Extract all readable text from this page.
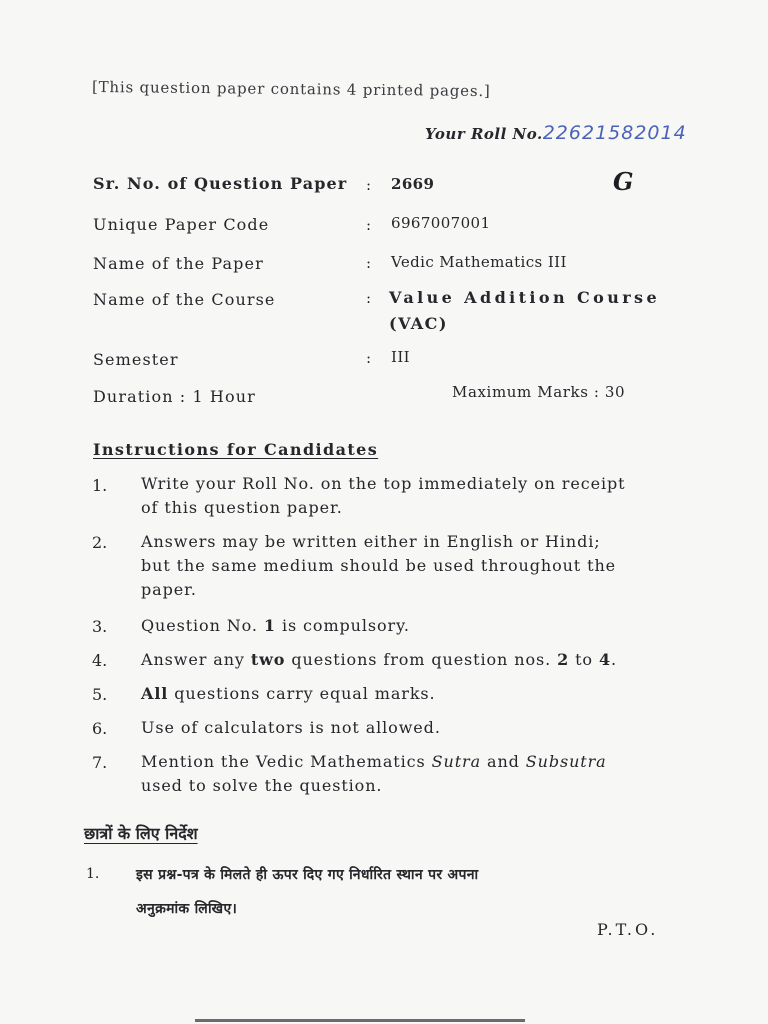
[This question paper contains 4 printed pages.]
Your Roll No.22621582014
G
Sr. No. of Question Paper : 2669
Unique Paper Code	: 6967007001
Name of the Paper	: Vedic Mathematics III
Name of the Course	: Value Addition Course
(VAC)
Semester	: III
Duration : 1 Hour	Maximum Marks : 30
Instructions for Candidates
1. Write your Roll No. on the top immediately on receipt
of this question paper.
2. Answers may be written either in English or Hindi;
but the same medium should be used throughout the
paper.
3. Question No. 1 is compulsory.
4. Answer any two questions from question nos. 2 to 4.
5. All questions carry equal marks.
6. Use of calculators is not allowed.
7. Mention the Vedic Mathematics Sutra and Subsutra
used to solve the question.
छात्रों के लिए निर्देश
1.	इस प्रश्न-पत्र के मिलते ही ऊपर दिए गए निर्धारित स्थान पर अपना
अनुक्रमांक लिखिए।
P.T.O.
